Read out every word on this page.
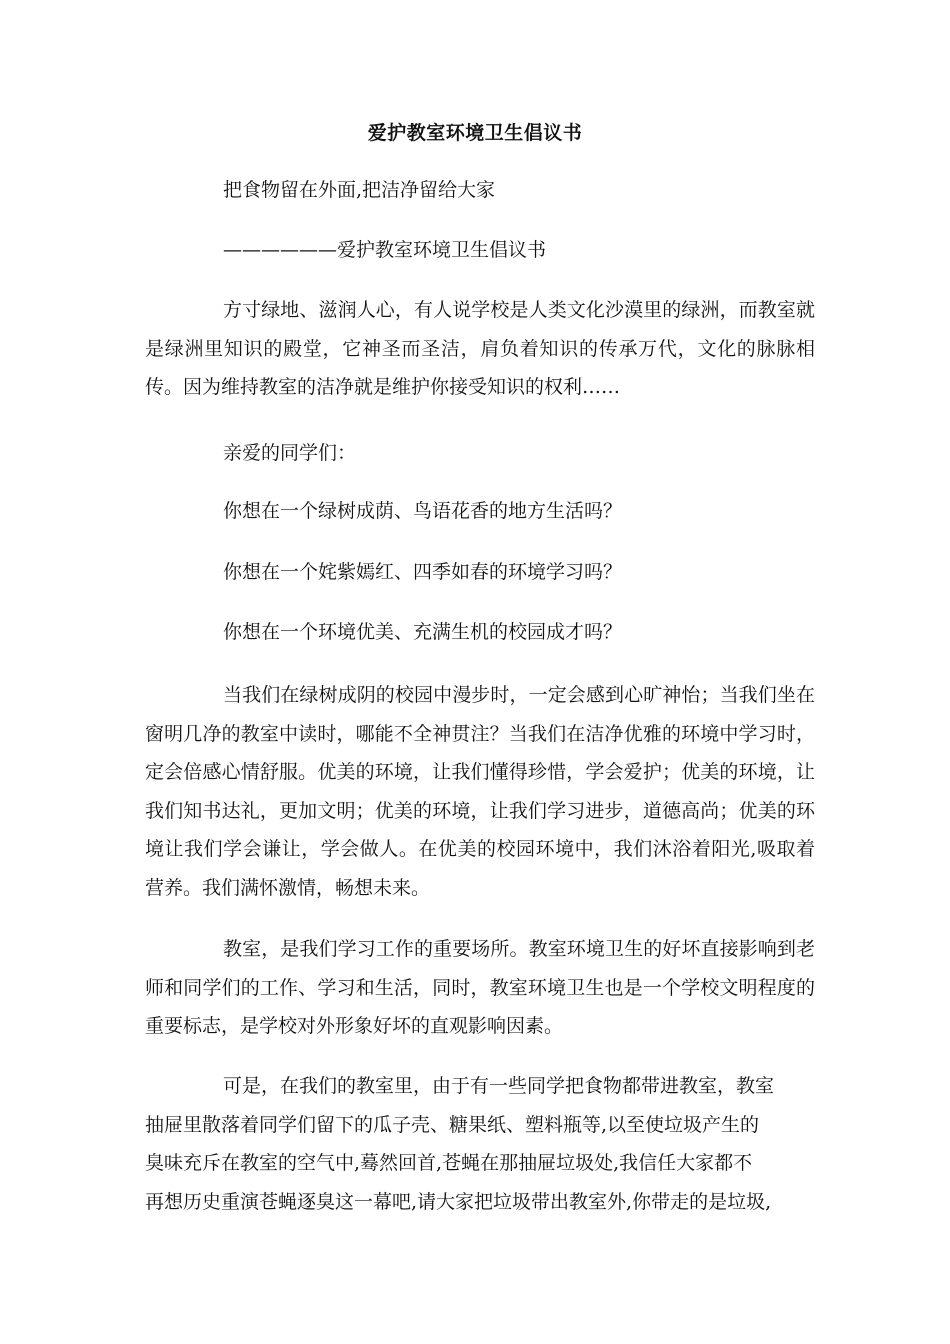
爱护教室环境卫生倡议书
把食物留在外面,把洁净留给大家
——————爱护教室环境卫生倡议书

方寸绿地、滋润人心，有人说学校是人类文化沙漠里的绿洲，而教室就是绿洲里知识的殿堂，它神圣而圣洁，肩负着知识的传承万代，文化的脉脉相传。因为维持教室的洁净就是维护你接受知识的权利……

亲爱的同学们：
你想在一个绿树成荫、鸟语花香的地方生活吗？
你想在一个姹紫嫣红、四季如春的环境学习吗？
你想在一个环境优美、充满生机的校园成才吗？

当我们在绿树成阴的校园中漫步时，一定会感到心旷神怡；当我们坐在窗明几净的教室中读时，哪能不全神贯注？当我们在洁净优雅的环境中学习时，定会倍感心情舒服。优美的环境，让我们懂得珍惜，学会爱护；优美的环境，让我们知书达礼，更加文明；优美的环境，让我们学习进步，道德高尚；优美的环境让我们学会谦让，学会做人。在优美的校园环境中，我们沐浴着阳光,吸取着营养。我们满怀激情，畅想未来。

教室，是我们学习工作的重要场所。教室环境卫生的好坏直接影响到老师和同学们的工作、学习和生活，同时，教室环境卫生也是一个学校文明程度的重要标志，是学校对外形象好坏的直观影响因素。

可是，在我们的教室里，由于有一些同学把食物都带进教室，教室
抽屉里散落着同学们留下的瓜子壳、糖果纸、塑料瓶等,以至使垃圾产生的
臭味充斥在教室的空气中,蓦然回首,苍蝇在那抽屉垃圾处,我信任大家都不
再想历史重演苍蝇逐臭这一幕吧,请大家把垃圾带出教室外,你带走的是垃圾,
